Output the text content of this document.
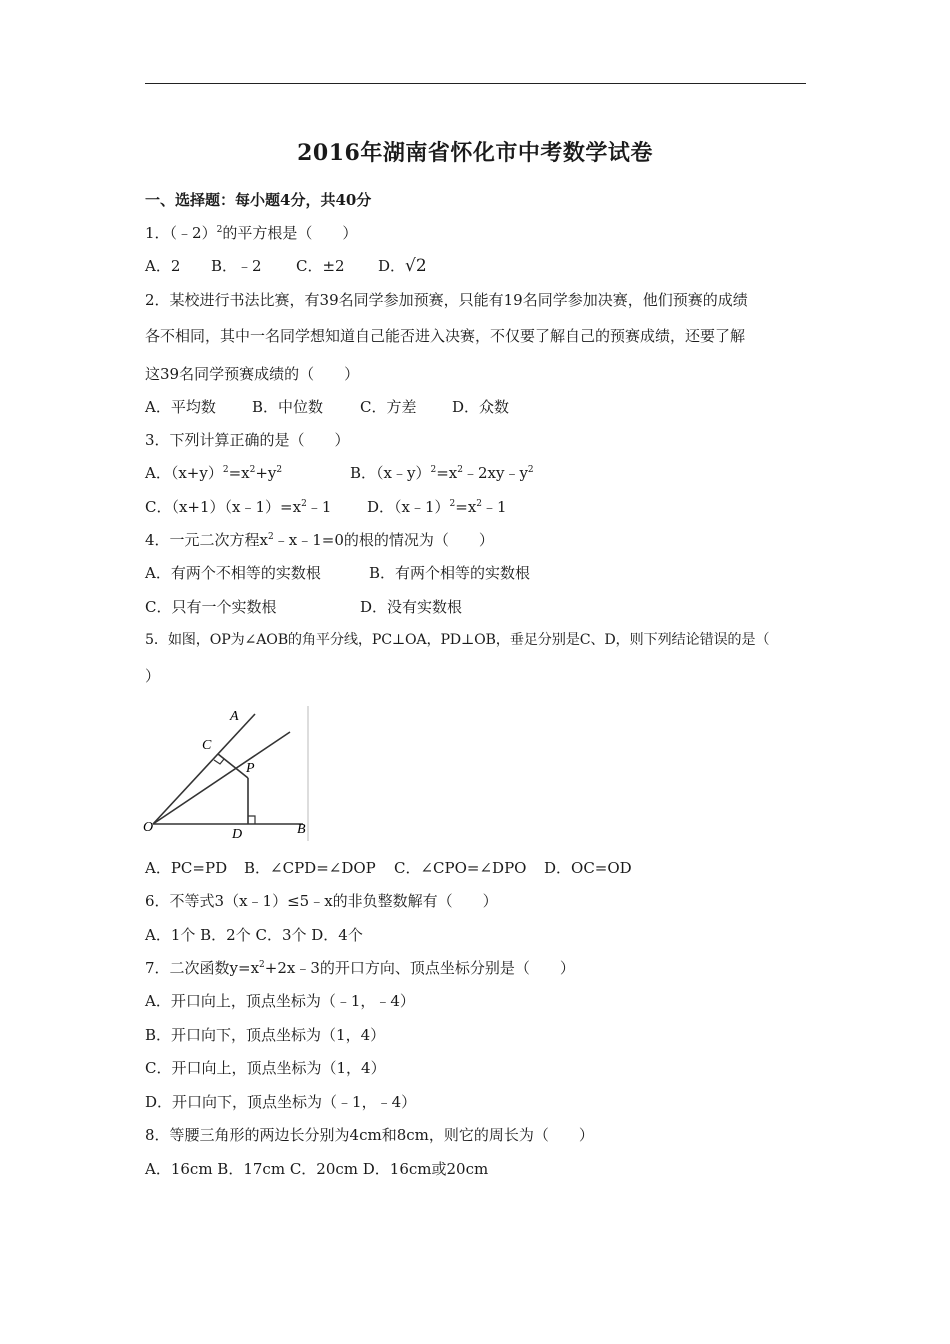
2016年湖南省怀化市中考数学试卷
一、选择题：每小题4分，共40分
1．（﹣2）$^2$的平方根是（　　）
A．2 B．﹣2 C．±2 D．√2
2．某校进行书法比赛，有39名同学参加预赛，只能有19名同学参加决赛，他们预赛的成绩
各不相同，其中一名同学想知道自己能否进入决赛，不仅要了解自己的预赛成绩，还要了解
这39名同学预赛成绩的（　　）
A．平均数 B．中位数 C．方差 D．众数
3．下列计算正确的是（　　）
A．$(x+y)^2=x^2+y^2$	B．$(x﹣y)^2=x^2﹣2xy﹣y^2$
C．$(x+1)(x﹣1)=x^2﹣1$ D．$(x﹣1)^2=x^2﹣1$
4．一元二次方程$x^2﹣x﹣1=0$的根的情况为（　　）
A．有两个不相等的实数根	B．有两个相等的实数根
C．只有一个实数根	D．没有实数根
5．如图，OP为∠AOB的角平分线，PC⊥OA，PD⊥OB，垂足分别是C、D，则下列结论错误的是（
）
A
C
P
O	D	B
A．PC=PD B．∠CPD=∠DOP C．∠CPO=∠DPO D．OC=OD
6．不等式3（x﹣1）≤5﹣x的非负整数解有（　　）
A．1个 B．2个 C．3个 D．4个
7．二次函数$y=x^2+2x﹣3$的开口方向、顶点坐标分别是（　　）
A．开口向上，顶点坐标为（﹣1，﹣4）
B．开口向下，顶点坐标为（1，4）
C．开口向上，顶点坐标为（1，4）
D．开口向下，顶点坐标为（﹣1，﹣4）
8．等腰三角形的两边长分别为4cm和8cm，则它的周长为（　　）
A．16cm B．17cm C．20cm D．16cm或20cm
